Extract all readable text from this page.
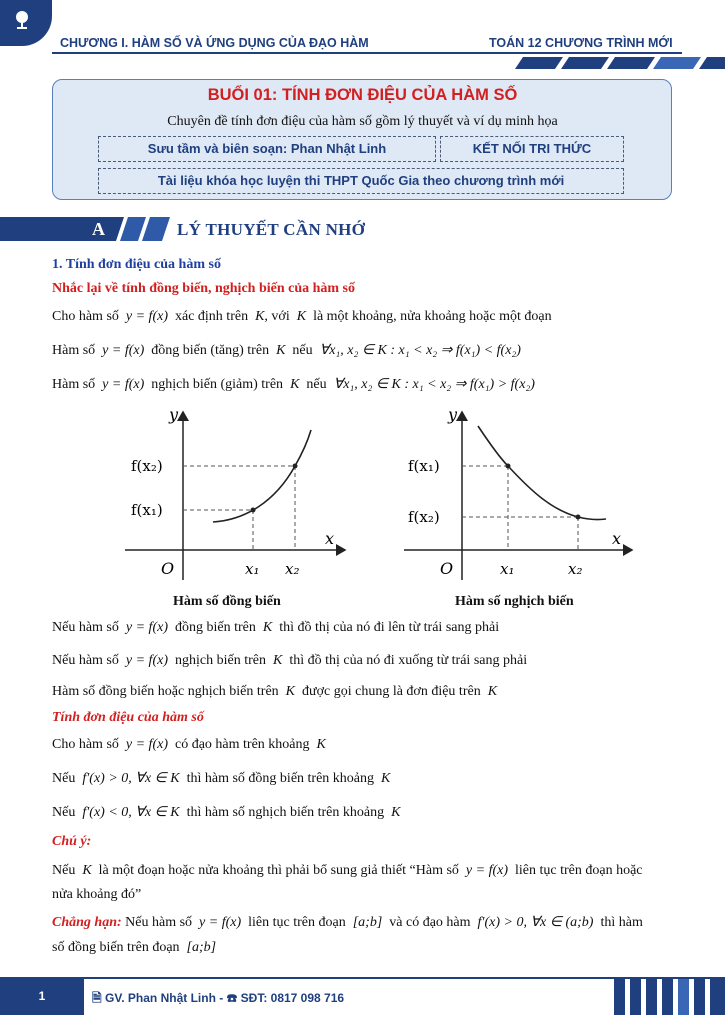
CHƯƠNG I. HÀM SỐ VÀ ỨNG DỤNG CỦA ĐẠO HÀM	TOÁN 12 CHƯƠNG TRÌNH MỚI
BUỔI 01: TÍNH ĐƠN ĐIỆU CỦA HÀM SỐ
Chuyên đề tính đơn điệu của hàm số gồm lý thuyết và ví dụ minh họa
Sưu tầm và biên soạn: Phan Nhật Linh	KẾT NỐI TRI THỨC
Tài liệu khóa học luyện thi THPT Quốc Gia theo chương trình mới
A	LÝ THUYẾT CẦN NHỚ
1. Tính đơn điệu của hàm số
Nhắc lại về tính đồng biến, nghịch biến của hàm số
Cho hàm số y = f(x) xác định trên K, với K là một khoảng, nửa khoảng hoặc một đoạn
Hàm số y = f(x) đồng biến (tăng) trên K nếu ∀x₁, x₂ ∈ K : x₁ < x₂ ⇒ f(x₁) < f(x₂)
Hàm số y = f(x) nghịch biến (giảm) trên K nếu ∀x₁, x₂ ∈ K : x₁ < x₂ ⇒ f(x₁) > f(x₂)
y
x
O
f(x₁)
f(x₂)
x₁ x₂
y
x
O
f(x₁)
f(x₂)
x₁	x₂
Hàm số đồng biến	Hàm số nghịch biến
Nếu hàm số y = f(x) đồng biến trên K thì đồ thị của nó đi lên từ trái sang phải
Nếu hàm số y = f(x) nghịch biến trên K thì đồ thị của nó đi xuống từ trái sang phải
Hàm số đồng biến hoặc nghịch biến trên K được gọi chung là đơn điệu trên K
Tính đơn điệu của hàm số
Cho hàm số y = f(x) có đạo hàm trên khoảng K
Nếu f′(x) > 0, ∀x ∈ K thì hàm số đồng biến trên khoảng K
Nếu f′(x) < 0, ∀x ∈ K thì hàm số nghịch biến trên khoảng K
Chú ý:
Nếu K là một đoạn hoặc nửa khoảng thì phải bổ sung giả thiết “Hàm số y = f(x) liên tục trên đoạn hoặc
nửa khoảng đó”
Chẳng hạn: Nếu hàm số y = f(x) liên tục trên đoạn [a;b] và có đạo hàm f′(x) > 0, ∀x ∈ (a;b) thì hàm
số đồng biến trên đoạn [a;b]
1	🗎 GV. Phan Nhật Linh - ☎ SĐT: 0817 098 716
